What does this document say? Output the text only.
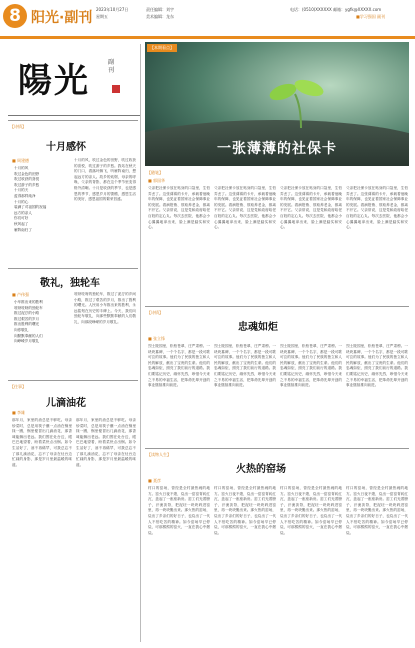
8 阳光·副刊
2023年10月27日
星期五
责任编辑：刘宇
美术编辑：龙东
电话：(0510)XXXXXX 邮箱：ygfk@XXXXX.com
■学习强国 副刊
陽光	副刊
【本期看点】
一张薄薄的社保卡
【诗情】
十月感怀
■ 周建德
十月的风
吹过金色的田野
吹过收获的喜悦
吹过游子的乡愁
十月的天
蓝得那样纯净
十月的心
装满了对祖国的祝福
远方的亲人
你们可好
秋风起了
雁阵南归了
十月的风，吹过金色的田野，吹过收获的喜悦，吹过游子的乡愁。我站在秋天的门口，看落叶飘飞，听雁阵南归，想起远方的亲人。故乡的炊烟，母亲的呼唤，父亲的背影，都在这个季节里变得格外清晰。十月是收获的季节，也是感恩的季节，感恩岁月的馈赠，感恩生活的美好，感恩祖国的繁荣昌盛。
敬礼，独轮车
■ 卢伟强
小车推出来的胜利
吱呀吱呀的独轮车
推过泥泞的小路
推过艰苦的岁月
推出胜利的曙光
向你敬礼
向默默奉献的人们
向峥嵘岁月敬礼
吱呀吱呀的独轮车，推过了泥泞的乡间小路，推过了艰苦的岁月，推出了胜利的曙光。人民用小车推出来的胜利，永远铭刻在历史的丰碑上。今天，我们向独轮车敬礼，向那些默默奉献的人们敬礼，向那段峥嵘的岁月敬礼。
【往事】
儿滴油花
■ 李雄
那年月，家里的油总是不够吃。母亲炒菜时，总是用筷子蘸一点油在锅里抹一圈，锅里便冒出几滴油花，那香味能飘出老远。我们围在灶台边，眼巴巴地望着，盼着菜快点出锅。如今生活好了，油不再稀罕，可我总忘不了那几滴油花，忘不了母亲在灶台边忙碌的身影，那是岁月里最温暖的味道。
那年月，家里的油总是不够吃。母亲炒菜时，总是用筷子蘸一点油在锅里抹一圈，锅里便冒出几滴油花，那香味能飘出老远。我们围在灶台边，眼巴巴地望着，盼着菜快点出锅。如今生活好了，油不再稀罕，可我总忘不了那几滴油花，忘不了母亲在灶台边忙碌的身影，那是岁月里最温暖的味道。
【随笔】
■ 郭国华
父亲把社保卡放在贴身的口袋里，生怕弄丢了。这张薄薄的卡片，承载着他晚年的保障，也见证着国家社会保障事业的发展。看病报销、领取养老金，都离不开它。父亲常说，这是党和政府给老百姓的定心丸。每次去医院，他都会小心翼翼地拿出来，脸上满是踏实和安心。
父亲把社保卡放在贴身的口袋里，生怕弄丢了。这张薄薄的卡片，承载着他晚年的保障，也见证着国家社会保障事业的发展。看病报销、领取养老金，都离不开它。父亲常说，这是党和政府给老百姓的定心丸。每次去医院，他都会小心翼翼地拿出来，脸上满是踏实和安心。
父亲把社保卡放在贴身的口袋里，生怕弄丢了。这张薄薄的卡片，承载着他晚年的保障，也见证着国家社会保障事业的发展。看病报销、领取养老金，都离不开它。父亲常说，这是党和政府给老百姓的定心丸。每次去医院，他都会小心翼翼地拿出来，脸上满是踏实和安心。
父亲把社保卡放在贴身的口袋里，生怕弄丢了。这张薄薄的卡片，承载着他晚年的保障，也见证着国家社会保障事业的发展。看病报销、领取养老金，都离不开它。父亲常说，这是党和政府给老百姓的定心丸。每次去医院，他都会小心翼翼地拿出来，脸上满是踏实和安心。
【诗情】
忠魂如炬
■ 张立锋
烈士陵园里，松柏苍翠，庄严肃穆。一块块墓碑，一个个名字，都是一段可歌可泣的故事。他们为了民族的独立和人民的解放，献出了宝贵的生命。他们的忠魂如炬，照亮了我们前行的道路。我们要铭记历史，缅怀先烈，珍惜今天来之不易的幸福生活，把革命先辈开创的事业继续推向前进。
烈士陵园里，松柏苍翠，庄严肃穆。一块块墓碑，一个个名字，都是一段可歌可泣的故事。他们为了民族的独立和人民的解放，献出了宝贵的生命。他们的忠魂如炬，照亮了我们前行的道路。我们要铭记历史，缅怀先烈，珍惜今天来之不易的幸福生活，把革命先辈开创的事业继续推向前进。
烈士陵园里，松柏苍翠，庄严肃穆。一块块墓碑，一个个名字，都是一段可歌可泣的故事。他们为了民族的独立和人民的解放，献出了宝贵的生命。他们的忠魂如炬，照亮了我们前行的道路。我们要铭记历史，缅怀先烈，珍惜今天来之不易的幸福生活，把革命先辈开创的事业继续推向前进。
烈士陵园里，松柏苍翠，庄严肃穆。一块块墓碑，一个个名字，都是一段可歌可泣的故事。他们为了民族的独立和人民的解放，献出了宝贵的生命。他们的忠魂如炬，照亮了我们前行的道路。我们要铭记历史，缅怀先烈，珍惜今天来之不易的幸福生活，把革命先辈开创的事业继续推向前进。
【读物人生】
火热的窑场
■ 聂彦
村口的窑场，曾经是全村最热闹的地方。窑火日夜不熄，烧出一窑窑青砖红瓦，盖起了一座座新房。窑工们光着膀子，汗流浃背，把泥坯一块块码进窑里，再一块块搬出来。那火热的窑场，烧出了乡亲们的好日子，也烧出了一代人不怕吃苦的精神。如今窑场早已停烧，可那熊熊的窑火，一直在我心中燃烧。
村口的窑场，曾经是全村最热闹的地方。窑火日夜不熄，烧出一窑窑青砖红瓦，盖起了一座座新房。窑工们光着膀子，汗流浃背，把泥坯一块块码进窑里，再一块块搬出来。那火热的窑场，烧出了乡亲们的好日子，也烧出了一代人不怕吃苦的精神。如今窑场早已停烧，可那熊熊的窑火，一直在我心中燃烧。
村口的窑场，曾经是全村最热闹的地方。窑火日夜不熄，烧出一窑窑青砖红瓦，盖起了一座座新房。窑工们光着膀子，汗流浃背，把泥坯一块块码进窑里，再一块块搬出来。那火热的窑场，烧出了乡亲们的好日子，也烧出了一代人不怕吃苦的精神。如今窑场早已停烧，可那熊熊的窑火，一直在我心中燃烧。
村口的窑场，曾经是全村最热闹的地方。窑火日夜不熄，烧出一窑窑青砖红瓦，盖起了一座座新房。窑工们光着膀子，汗流浃背，把泥坯一块块码进窑里，再一块块搬出来。那火热的窑场，烧出了乡亲们的好日子，也烧出了一代人不怕吃苦的精神。如今窑场早已停烧，可那熊熊的窑火，一直在我心中燃烧。
